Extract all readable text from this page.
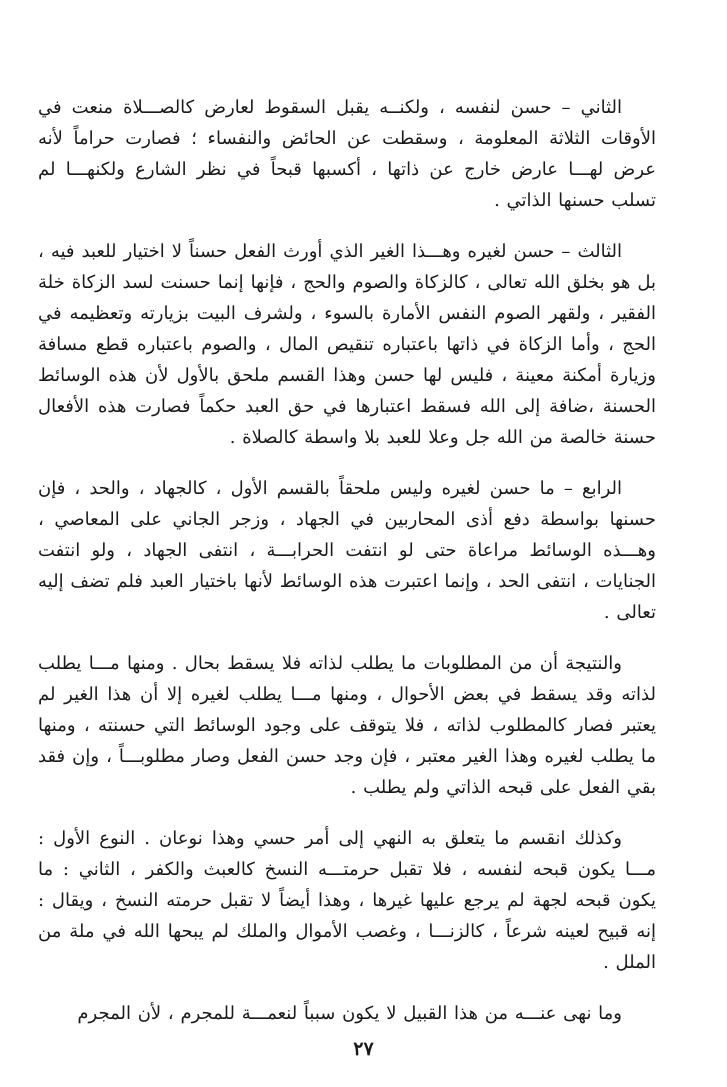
الثاني – حسن لنفسه ، ولكنــه يقبل السقوط لعارض كالصـــلاة منعت في الأوقات الثلاثة المعلومة ، وسقطت عن الحائض والنفساء ؛ فصارت حراماً لأنه عرض لهـــا عارض خارج عن ذاتها ، أكسبها قبحاً في نظر الشارع ولكنهـــا لم تسلب حسنها الذاتي .

الثالث – حسن لغيره وهـــذا الغير الذي أورث الفعل حسناً لا اختيار للعبد فيه ، بل هو بخلق الله تعالى ، كالزكاة والصوم والحج ، فإنها إنما حسنت لسد الزكاة خلة الفقير ، ولقهر الصوم النفس الأمارة بالسوء ، ولشرف البيت بزيارته وتعظيمه في الحج ، وأما الزكاة في ذاتها باعتباره تنقيص المال ، والصوم باعتباره قطع مسافة وزيارة أمكنة معينة ، فليس لها حسن وهذا القسم ملحق بالأول لأن هذه الوسائط الحسنة ،ضافة إلى الله فسقط اعتبارها في حق العبد حكماً فصارت هذه الأفعال حسنة خالصة من الله جل وعلا للعبد بلا واسطة كالصلاة .

الرابع – ما حسن لغيره وليس ملحقاً بالقسم الأول ، كالجهاد ، والحد ، فإن حسنها بواسطة دفع أذى المحاربين في الجهاد ، وزجر الجاني على المعاصي ، وهـــذه الوسائط مراعاة حتى لو انتفت الحرابـــة ، انتفى الجهاد ، ولو انتفت الجنايات ، انتفى الحد ، وإنما اعتبرت هذه الوسائط لأنها باختيار العبد فلم تضف إليه تعالى .

والنتيجة أن من المطلوبات ما يطلب لذاته فلا يسقط بحال . ومنها مـــا يطلب لذاته وقد يسقط في بعض الأحوال ، ومنها مـــا يطلب لغيره إلا أن هذا الغير لم يعتبر فصار كالمطلوب لذاته ، فلا يتوقف على وجود الوسائط التي حسنته ، ومنها ما يطلب لغيره وهذا الغير معتبر ، فإن وجد حسن الفعل وصار مطلوبـــاً ، وإن فقد بقي الفعل على قبحه الذاتي ولم يطلب .

وكذلك انقسم ما يتعلق به النهي إلى أمر حسي وهذا نوعان . النوع الأول : مـــا يكون قبحه لنفسه ، فلا تقبل حرمتـــه النسخ كالعبث والكفر ، الثاني : ما يكون قبحه لجهة لم يرجع عليها غيرها ، وهذا أيضاً لا تقبل حرمته النسخ ، ويقال : إنه قبيح لعينه شرعاً ، كالزنـــا ، وغصب الأموال والملك لم يبحها الله في ملة من الملل .

وما نهى عنـــه من هذا القبيل لا يكون سبباً لنعمـــة للمجرم ، لأن المجرم

٢٧
